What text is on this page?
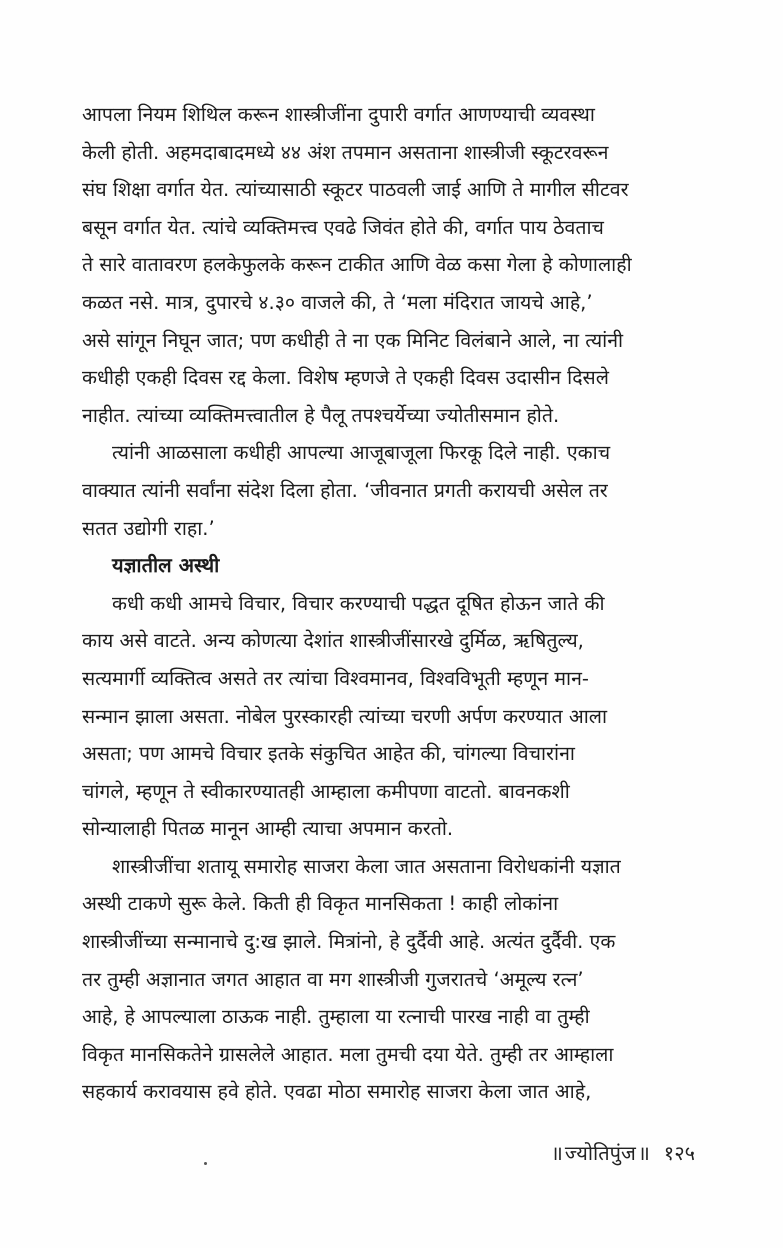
आपला नियम शिथिल करून शास्त्रीजींना दुपारी वर्गात आणण्याची व्यवस्था
केली होती. अहमदाबादमध्ये ४४ अंश तपमान असताना शास्त्रीजी स्कूटरवरून
संघ शिक्षा वर्गात येत. त्यांच्यासाठी स्कूटर पाठवली जाई आणि ते मागील सीटवर
बसून वर्गात येत. त्यांचे व्यक्तिमत्त्व एवढे जिवंत होते की, वर्गात पाय ठेवताच
ते सारे वातावरण हलकेफुलके करून टाकीत आणि वेळ कसा गेला हे कोणालाही
कळत नसे. मात्र, दुपारचे ४.३० वाजले की, ते ‘मला मंदिरात जायचे आहे,’
असे सांगून निघून जात; पण कधीही ते ना एक मिनिट विलंबाने आले, ना त्यांनी
कधीही एकही दिवस रद्द केला. विशेष म्हणजे ते एकही दिवस उदासीन दिसले
नाहीत. त्यांच्या व्यक्तिमत्त्वातील हे पैलू तपश्चर्येच्या ज्योतीसमान होते.

त्यांनी आळसाला कधीही आपल्या आजूबाजूला फिरकू दिले नाही. एकाच
वाक्यात त्यांनी सर्वांना संदेश दिला होता. ‘जीवनात प्रगती करायची असेल तर
सतत उद्योगी राहा.’

यज्ञातील अस्थी

कधी कधी आमचे विचार, विचार करण्याची पद्धत दूषित होऊन जाते की
काय असे वाटते. अन्य कोणत्या देशांत शास्त्रीजींसारखे दुर्मिळ, ऋषितुल्य,
सत्यमार्गी व्यक्तित्व असते तर त्यांचा विश्वमानव, विश्वविभूती म्हणून मान-
सन्मान झाला असता. नोबेल पुरस्कारही त्यांच्या चरणी अर्पण करण्यात आला
असता; पण आमचे विचार इतके संकुचित आहेत की, चांगल्या विचारांना
चांगले, म्हणून ते स्वीकारण्यातही आम्हाला कमीपणा वाटतो. बावनकशी
सोन्यालाही पितळ मानून आम्ही त्याचा अपमान करतो.

शास्त्रीजींचा शतायू समारोह साजरा केला जात असताना विरोधकांनी यज्ञात
अस्थी टाकणे सुरू केले. किती ही विकृत मानसिकता ! काही लोकांना
शास्त्रीजींच्या सन्मानाचे दु:ख झाले. मित्रांनो, हे दुर्दैवी आहे. अत्यंत दुर्दैवी. एक
तर तुम्ही अज्ञानात जगत आहात वा मग शास्त्रीजी गुजरातचे ‘अमूल्य रत्न’
आहे, हे आपल्याला ठाऊक नाही. तुम्हाला या रत्नाची पारख नाही वा तुम्ही
विकृत मानसिकतेने ग्रासलेले आहात. मला तुमची दया येते. तुम्ही तर आम्हाला
सहकार्य करावयास हवे होते. एवढा मोठा समारोह साजरा केला जात आहे,

॥ ज्योतिपुंज ॥ १२५
